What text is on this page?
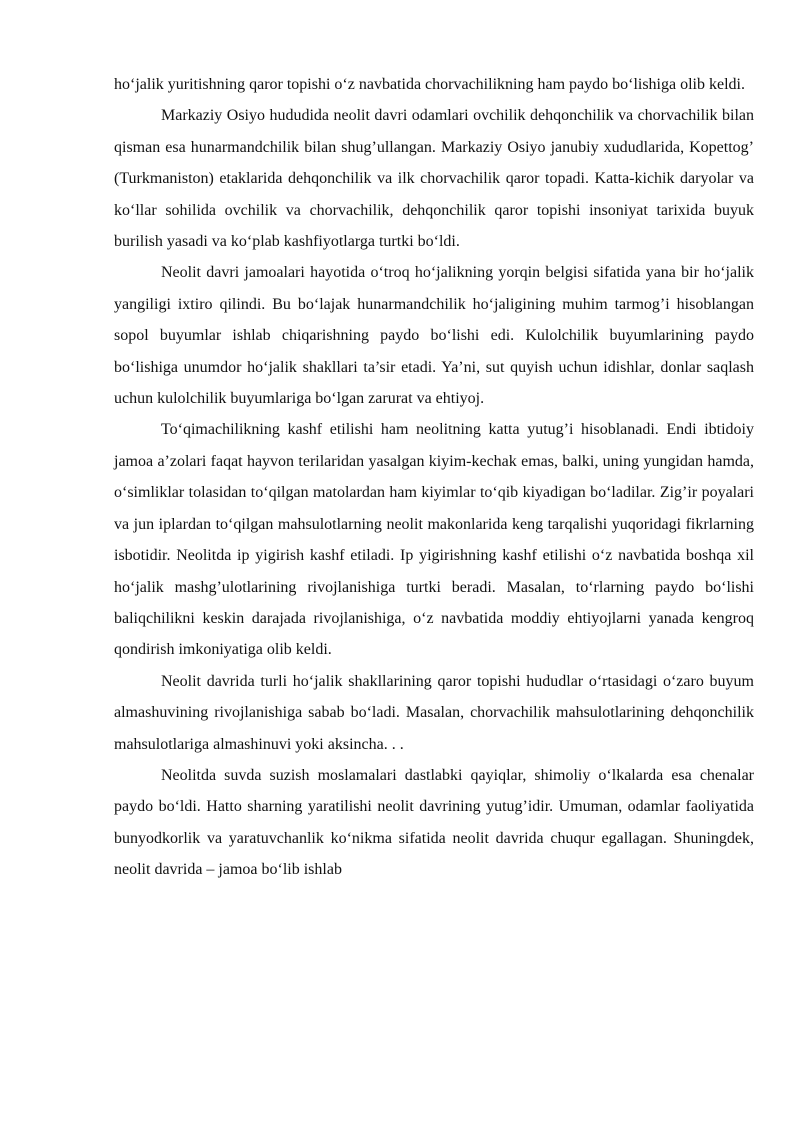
ho‘jalik yuritishning qaror topishi o‘z navbatida chorvachilikning ham paydo bo‘lishiga olib keldi.

Markaziy Osiyo hududida neolit davri odamlari ovchilik dehqonchilik va chorvachilik bilan qisman esa hunarmandchilik bilan shug’ullangan. Markaziy Osiyo janubiy xududlarida, Kopettog’ (Turkmaniston) etaklarida dehqonchilik va ilk chorvachilik qaror topadi. Katta-kichik daryolar va ko‘llar sohilida ovchilik va chorvachilik, dehqonchilik qaror topishi insoniyat tarixida buyuk burilish yasadi va ko‘plab kashfiyotlarga turtki bo‘ldi.

Neolit davri jamoalari hayotida o‘troq ho‘jalikning yorqin belgisi sifatida yana bir ho‘jalik yangiligi ixtiro qilindi. Bu bo‘lajak hunarmandchilik ho‘jaligining muhim tarmog’i hisoblangan sopol buyumlar ishlab chiqarishning paydo bo‘lishi edi. Kulolchilik buyumlarining paydo bo‘lishiga unumdor ho‘jalik shakllari ta’sir etadi. Ya’ni, sut quyish uchun idishlar, donlar saqlash uchun kulolchilik buyumlariga bo‘lgan zarurat va ehtiyoj.

To‘qimachilikning kashf etilishi ham neolitning katta yutug’i hisoblanadi. Endi ibtidoiy jamoa a’zolari faqat hayvon terilaridan yasalgan kiyim-kechak emas, balki, uning yungidan hamda, o‘simliklar tolasidan to‘qilgan matolardan ham kiyimlar to‘qib kiyadigan bo‘ladilar. Zig’ir poyalari va jun iplardan to‘qilgan mahsulotlarning neolit makonlarida keng tarqalishi yuqoridagi fikrlarning isbotidir. Neolitda ip yigirish kashf etiladi. Ip yigirishning kashf etilishi o‘z navbatida boshqa xil ho‘jalik mashg’ulotlarining rivojlanishiga turtki beradi. Masalan, to‘rlarning paydo bo‘lishi baliqchilikni keskin darajada rivojlanishiga, o‘z navbatida moddiy ehtiyojlarni yanada kengroq qondirish imkoniyatiga olib keldi.

Neolit davrida turli ho‘jalik shakllarining qaror topishi hududlar o‘rtasidagi o‘zaro buyum almashuvining rivojlanishiga sabab bo‘ladi. Masalan, chorvachilik mahsulotlarining dehqonchilik mahsulotlariga almashinuvi yoki aksincha. . .

Neolitda suvda suzish moslamalari dastlabki qayiqlar, shimoliy o‘lkalarda esa chenalar paydo bo‘ldi. Hatto sharning yaratilishi neolit davrining yutug’idir. Umuman, odamlar faoliyatida bunyodkorlik va yaratuvchanlik ko‘nikma sifatida neolit davrida chuqur egallagan. Shuningdek, neolit davrida – jamoa bo‘lib ishlab
